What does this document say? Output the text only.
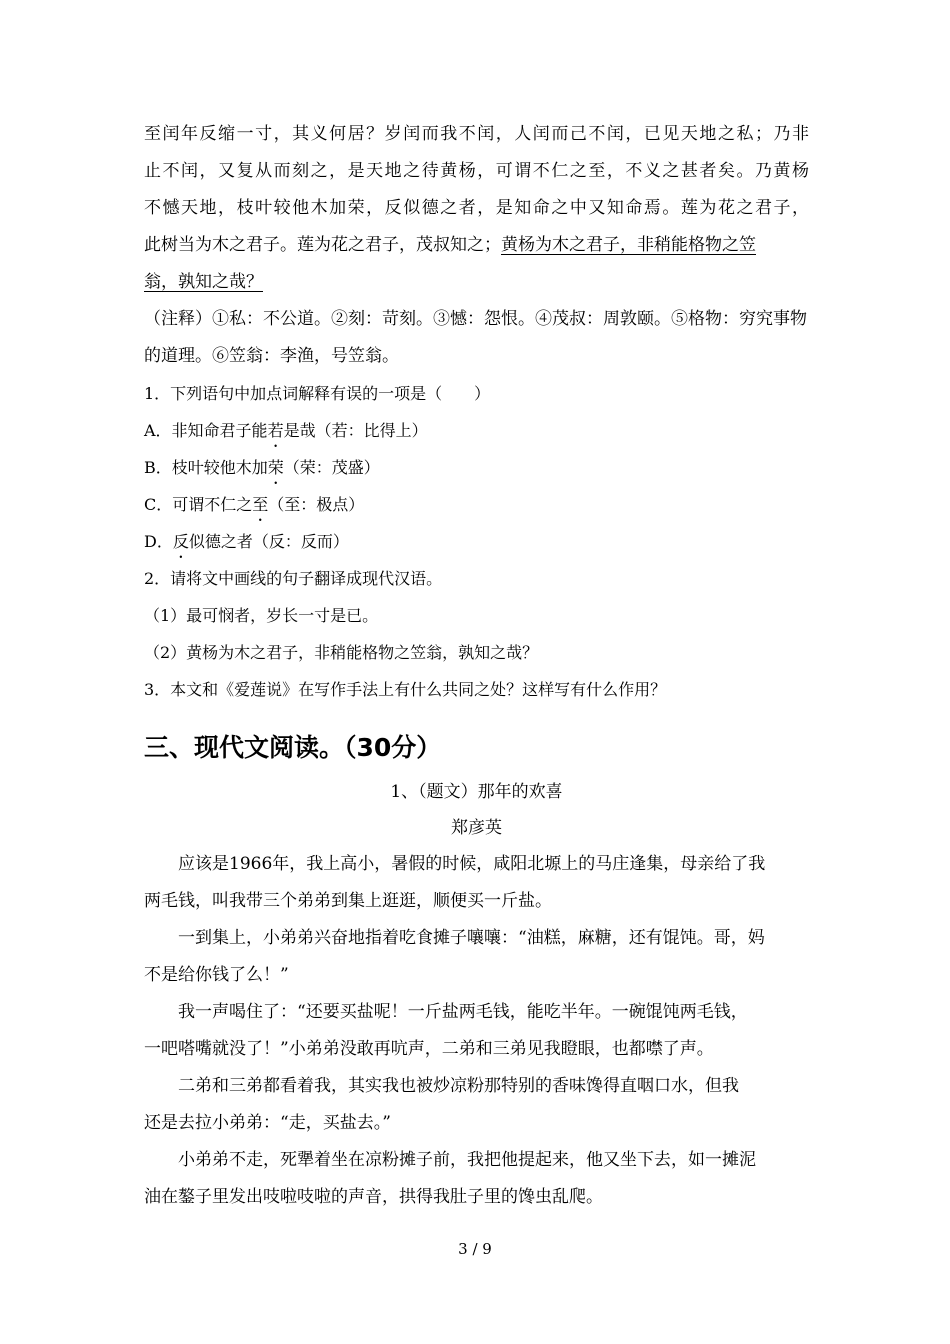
至闰年反缩一寸，其义何居？岁闰而我不闰，人闰而己不闰，已见天地之私；乃非
止不闰，又复从而刻之，是天地之待黄杨，可谓不仁之至，不义之甚者矣。乃黄杨
不憾天地，枝叶较他木加荣，反似德之者，是知命之中又知命焉。莲为花之君子，
此树当为木之君子。莲为花之君子，茂叔知之；黄杨为木之君子，非稍能格物之笠
翁，孰知之哉？
（注释）①私：不公道。②刻：苛刻。③憾：怨恨。④茂叔：周敦颐。⑤格物：穷究事物
的道理。⑥笠翁：李渔，号笠翁。
1．下列语句中加点词解释有误的一项是（　　）
A．非知命君子能若是哉（若：比得上）
B．枝叶较他木加荣（荣：茂盛）
C．可谓不仁之至（至：极点）
D．反似德之者（反：反而）
2．请将文中画线的句子翻译成现代汉语。
（1）最可悯者，岁长一寸是已。
（2）黄杨为木之君子，非稍能格物之笠翁，孰知之哉？
3．本文和《爱莲说》在写作手法上有什么共同之处？这样写有什么作用？
三、现代文阅读。（30分）
1、（题文）那年的欢喜
郑彦英
应该是1966年，我上高小，暑假的时候，咸阳北塬上的马庄逢集，母亲给了我
两毛钱，叫我带三个弟弟到集上逛逛，顺便买一斤盐。
一到集上，小弟弟兴奋地指着吃食摊子嚷嚷：“油糕，麻糖，还有馄饨。哥，妈
不是给你钱了么！”
我一声喝住了：“还要买盐呢！一斤盐两毛钱，能吃半年。一碗馄饨两毛钱，
一吧嗒嘴就没了！”小弟弟没敢再吭声，二弟和三弟见我瞪眼，也都噤了声。
二弟和三弟都看着我，其实我也被炒凉粉那特别的香味馋得直咽口水，但我
还是去拉小弟弟：“走，买盐去。”
小弟弟不走，死犟着坐在凉粉摊子前，我把他提起来，他又坐下去，如一摊泥
油在鏊子里发出吱啦吱啦的声音，拱得我肚子里的馋虫乱爬。
3 / 9
